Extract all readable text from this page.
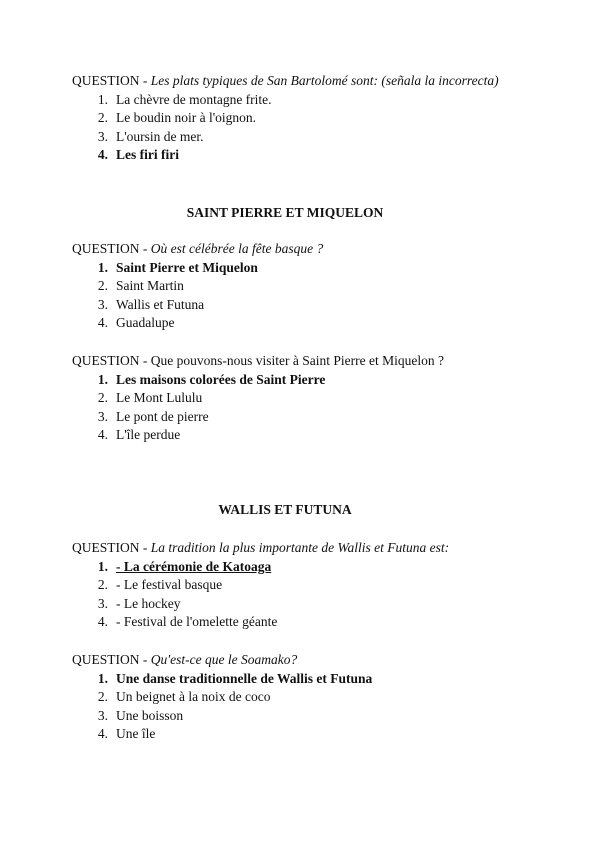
QUESTION - Les plats typiques de San Bartolomé sont: (señala la incorrecta)
1. La chèvre de montagne frite.
2. Le boudin noir à l'oignon.
3. L'oursin de mer.
4. Les firi firi
SAINT PIERRE ET MIQUELON
QUESTION - Où est célébrée la fête basque ?
1. Saint Pierre et Miquelon
2. Saint Martin
3. Wallis et Futuna
4. Guadalupe
QUESTION - Que pouvons-nous visiter à Saint Pierre et Miquelon ?
1. Les maisons colorées de Saint Pierre
2. Le Mont Lululu
3. Le pont de pierre
4. L'île perdue
WALLIS ET FUTUNA
QUESTION - La tradition la plus importante de Wallis et Futuna est:
1. - La cérémonie de Katoaga
2. - Le festival basque
3. - Le hockey
4. - Festival de l'omelette géante
QUESTION - Qu'est-ce que le Soamako?
1. Une danse traditionnelle de Wallis et Futuna
2. Un beignet à la noix de coco
3. Une boisson
4. Une île
